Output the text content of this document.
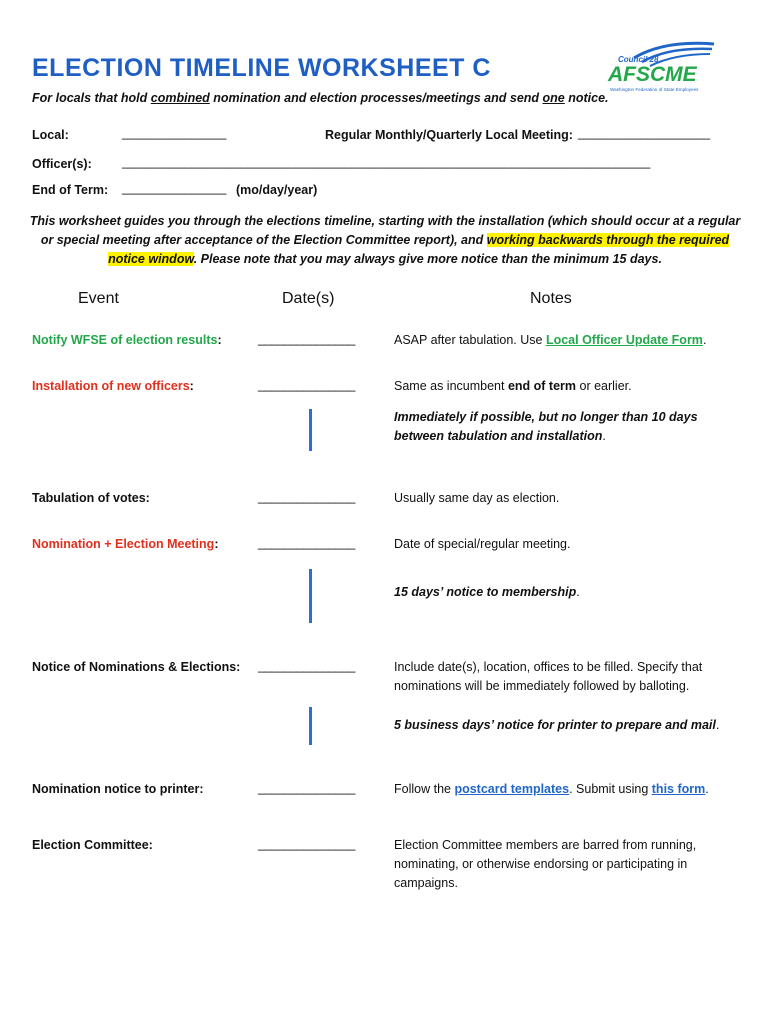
ELECTION TIMELINE WORKSHEET C
For locals that hold combined nomination and election processes/meetings and send one notice.
Council 28
AFSCME
Washington Federation of State Employees
Local:	_______________	Regular Monthly/Quarterly Local Meeting: ___________________
Officer(s): ____________________________________________________________________________
End of Term: _______________ (mo/day/year)
This worksheet guides you through the elections timeline, starting with the installation (which should occur at a regular or special meeting after acceptance of the Election Committee report), and working backwards through the required notice window. Please note that you may always give more notice than the minimum 15 days.
Event	Date(s)	Notes
Notify WFSE of election results:	_______________	ASAP after tabulation. Use Local Officer Update Form.
Installation of new officers:	_______________	Same as incumbent end of term or earlier.
Immediately if possible, but no longer than 10 days between tabulation and installation.
Tabulation of votes:	_______________	Usually same day as election.
Nomination + Election Meeting:	_______________	Date of special/regular meeting.
15 days’ notice to membership.
Notice of Nominations & Elections: _______________	Include date(s), location, offices to be filled. Specify that nominations will be immediately followed by balloting.
5 business days’ notice for printer to prepare and mail.
Nomination notice to printer:	_______________	Follow the postcard templates. Submit using this form.
Election Committee:	_______________	Election Committee members are barred from running, nominating, or otherwise endorsing or participating in campaigns.
